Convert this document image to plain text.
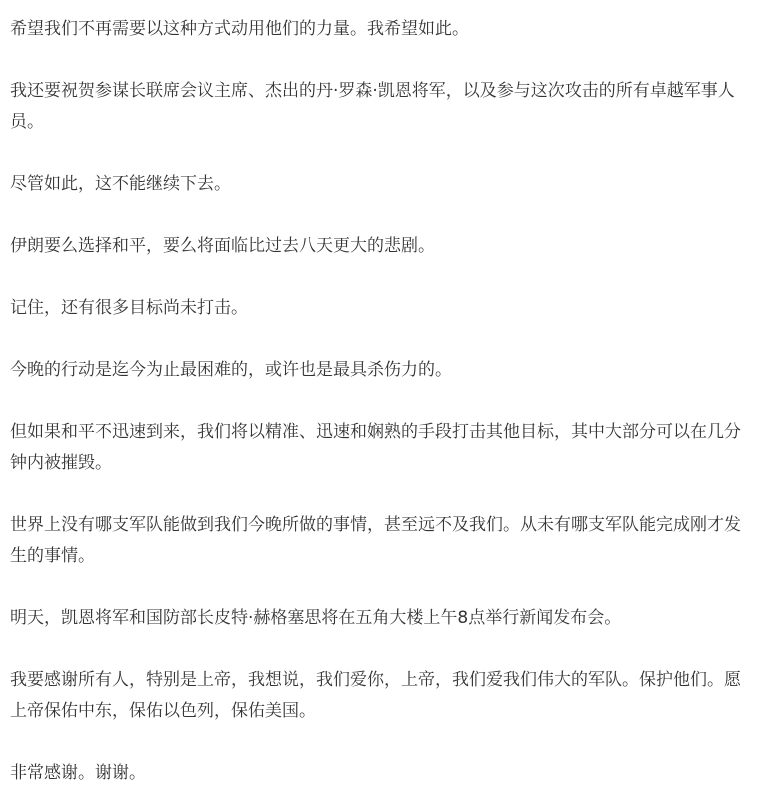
希望我们不再需要以这种方式动用他们的力量。我希望如此。

我还要祝贺参谋长联席会议主席、杰出的丹·罗森·凯恩将军，以及参与这次攻击的所有卓越军事人员。

尽管如此，这不能继续下去。

伊朗要么选择和平，要么将面临比过去八天更大的悲剧。

记住，还有很多目标尚未打击。

今晚的行动是迄今为止最困难的，或许也是最具杀伤力的。

但如果和平不迅速到来，我们将以精准、迅速和娴熟的手段打击其他目标，其中大部分可以在几分钟内被摧毁。

世界上没有哪支军队能做到我们今晚所做的事情，甚至远不及我们。从未有哪支军队能完成刚才发生的事情。

明天，凯恩将军和国防部长皮特·赫格塞思将在五角大楼上午8点举行新闻发布会。

我要感谢所有人，特别是上帝，我想说，我们爱你，上帝，我们爱我们伟大的军队。保护他们。愿上帝保佑中东，保佑以色列，保佑美国。

非常感谢。谢谢。
